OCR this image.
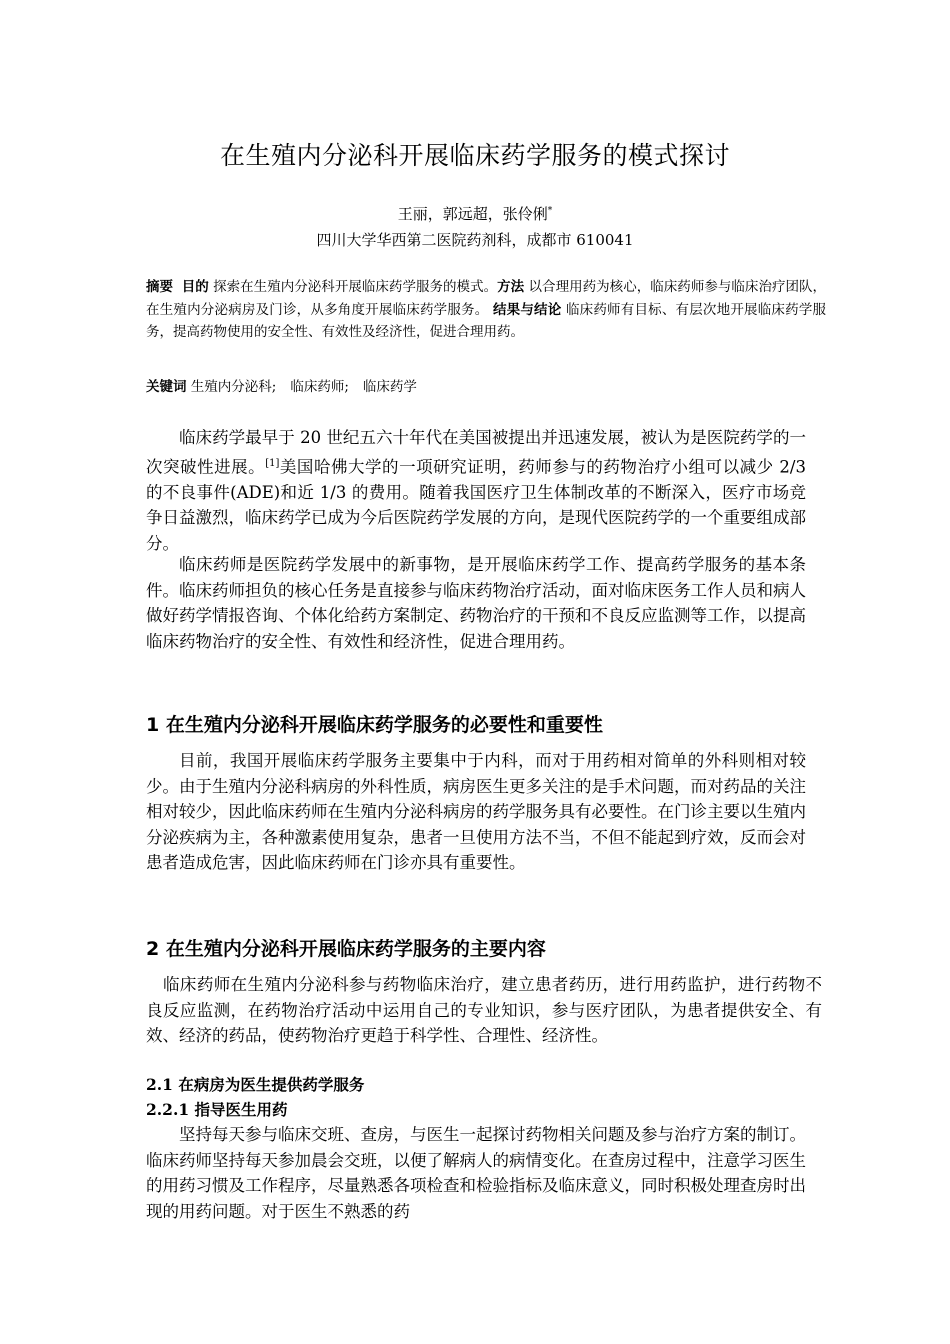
在生殖内分泌科开展临床药学服务的模式探讨

王丽，郭远超，张伶俐*

四川大学华西第二医院药剂科，成都市 610041

摘要 目的 探索在生殖内分泌科开展临床药学服务的模式。方法 以合理用药为核心，临床药师参与临床治疗团队，在生殖内分泌病房及门诊，从多角度开展临床药学服务。 结果与结论 临床药师有目标、有层次地开展临床药学服务，提高药物使用的安全性、有效性及经济性，促进合理用药。

关键词 生殖内分泌科; 临床药师; 临床药学

临床药学最早于 20 世纪五六十年代在美国被提出并迅速发展，被认为是医院药学的一次突破性进展。[1]美国哈佛大学的一项研究证明，药师参与的药物治疗小组可以减少 2/3 的不良事件(ADE)和近 1/3 的费用。随着我国医疗卫生体制改革的不断深入，医疗市场竞争日益激烈，临床药学已成为今后医院药学发展的方向，是现代医院药学的一个重要组成部分。

临床药师是医院药学发展中的新事物，是开展临床药学工作、提高药学服务的基本条件。临床药师担负的核心任务是直接参与临床药物治疗活动，面对临床医务工作人员和病人做好药学情报咨询、个体化给药方案制定、药物治疗的干预和不良反应监测等工作，以提高临床药物治疗的安全性、有效性和经济性，促进合理用药。

1 在生殖内分泌科开展临床药学服务的必要性和重要性

目前，我国开展临床药学服务主要集中于内科，而对于用药相对简单的外科则相对较少。由于生殖内分泌科病房的外科性质，病房医生更多关注的是手术问题，而对药品的关注相对较少，因此临床药师在生殖内分泌科病房的药学服务具有必要性。在门诊主要以生殖内分泌疾病为主，各种激素使用复杂，患者一旦使用方法不当，不但不能起到疗效，反而会对患者造成危害，因此临床药师在门诊亦具有重要性。

2 在生殖内分泌科开展临床药学服务的主要内容

临床药师在生殖内分泌科参与药物临床治疗，建立患者药历，进行用药监护，进行药物不良反应监测，在药物治疗活动中运用自己的专业知识，参与医疗团队，为患者提供安全、有效、经济的药品，使药物治疗更趋于科学性、合理性、经济性。

2.1 在病房为医生提供药学服务
2.2.1 指导医生用药

坚持每天参与临床交班、查房，与医生一起探讨药物相关问题及参与治疗方案的制订。临床药师坚持每天参加晨会交班，以便了解病人的病情变化。在查房过程中，注意学习医生的用药习惯及工作程序，尽量熟悉各项检查和检验指标及临床意义，同时积极处理查房时出现的用药问题。对于医生不熟悉的药
